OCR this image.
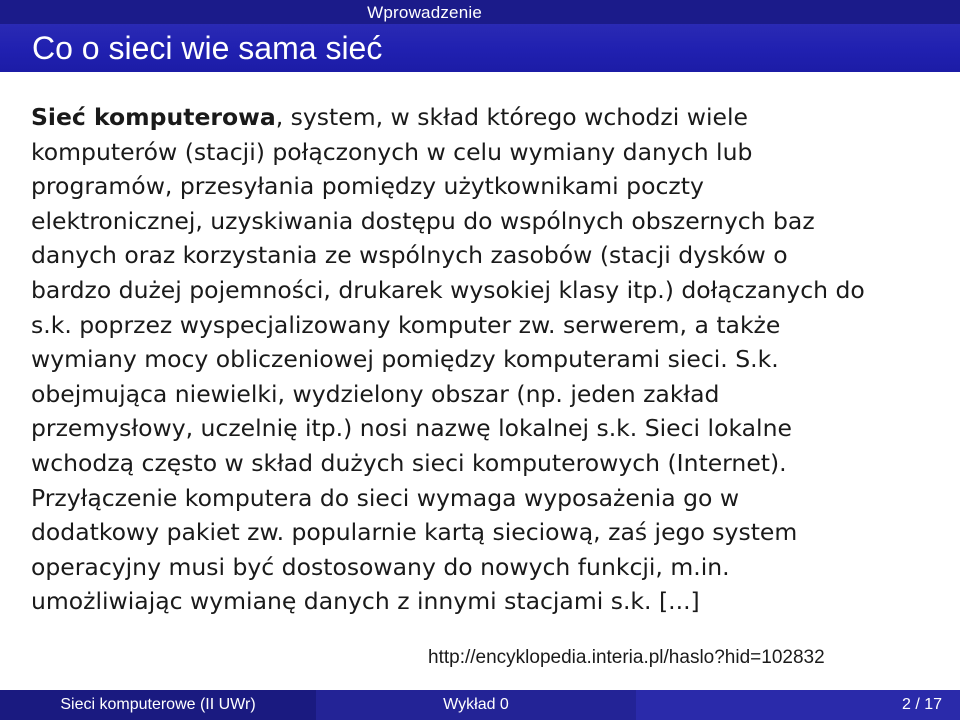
Wprowadzenie
Co o sieci wie sama sieć

Sieć komputerowa, system, w skład którego wchodzi wiele
komputerów (stacji) połączonych w celu wymiany danych lub
programów, przesyłania pomiędzy użytkownikami poczty
elektronicznej, uzyskiwania dostępu do wspólnych obszernych baz
danych oraz korzystania ze wspólnych zasobów (stacji dysków o
bardzo dużej pojemności, drukarek wysokiej klasy itp.) dołączanych do
s.k. poprzez wyspecjalizowany komputer zw. serwerem, a także
wymiany mocy obliczeniowej pomiędzy komputerami sieci. S.k.
obejmująca niewielki, wydzielony obszar (np. jeden zakład
przemysłowy, uczelnię itp.) nosi nazwę lokalnej s.k. Sieci lokalne
wchodzą często w skład dużych sieci komputerowych (Internet).
Przyłączenie komputera do sieci wymaga wyposażenia go w
dodatkowy pakiet zw. popularnie kartą sieciową, zaś jego system
operacyjny musi być dostosowany do nowych funkcji, m.in.
umożliwiając wymianę danych z innymi stacjami s.k. [...]

http://encyklopedia.interia.pl/haslo?hid=102832
Sieci komputerowe (II UWr)	Wykład 0	2 / 17
